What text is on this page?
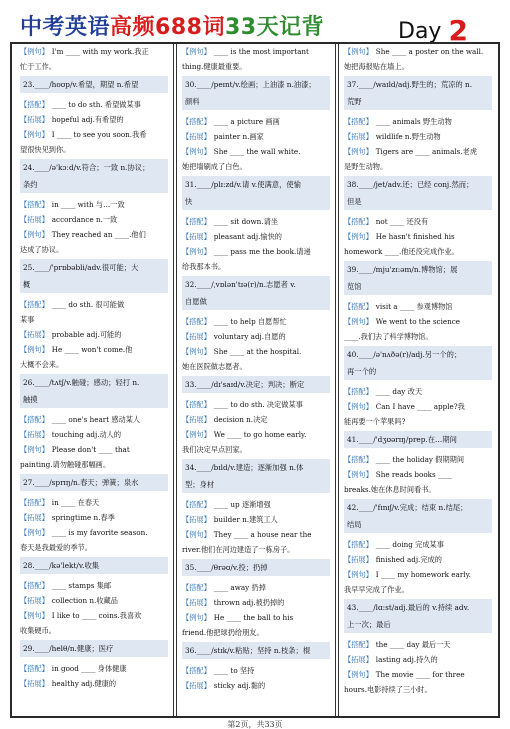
中考英语高频688词33天记背	Day 2
【例句】 I'm ____ with my work.我正
忙于工作。
23.____/hoʊp/v.希望，期望 n.希望
【搭配】 ____ to do sth. 希望做某事
【拓展】 hopeful adj.有希望的
【例句】 I ____ to see you soon.我希
望很快见到你。
24.____/ə'kɔːd/v.符合；一致 n.协议；
条约
【搭配】 in ____ with 与…一致
【拓展】 accordance n.一致
【例句】 They reached an ____.他们
达成了协议。
25.____/'prɒbəbli/adv.很可能；大
概
【搭配】 ____ do sth. 很可能做
某事
【拓展】 probable adj.可能的
【例句】 He ____ won't come.他
大概不会来。
26.____/tʌtʃ/v.触碰；感动；轻打 n.
触摸
【搭配】 ____ one's heart 感动某人
【拓展】 touching adj.动人的
【例句】 Please don't ____ that
painting.请勿触碰那幅画。
27.____/sprɪŋ/n.春天；弹簧；泉水
【搭配】 in ____ 在春天
【拓展】 springtime n.春季
【例句】 ____ is my favorite season.
春天是我最爱的季节。
28.____/kə'lekt/v.收集
【搭配】 ____ stamps 集邮
【拓展】 collection n.收藏品
【例句】 I like to ____ coins.我喜欢
收集硬币。
29.____/helθ/n.健康；医疗
【搭配】 in good ____ 身体健康
【拓展】 healthy adj.健康的
【例句】 ____ is the most important
thing.健康最重要。
30.____/peɪnt/v.绘画；上油漆 n.油漆；
颜料
【搭配】 ____ a picture 画画
【拓展】 painter n.画家
【例句】 She ____ the wall white.
她把墙刷成了白色。
31.____/plɪ:zd/v.请 v.使满意，使愉
快
【搭配】 ____ sit down.请坐
【拓展】 pleasant adj.愉快的
【例句】 ____ pass me the book.请递
给我那本书。
32.____/ˌvɒlən'tɪə(r)/n.志愿者 v.
自愿做
【搭配】 ____ to help 自愿帮忙
【拓展】 voluntary adj.自愿的
【例句】 She ____ at the hospital.
她在医院做志愿者。
33.____/dɪ'saɪd/v.决定；判决；断定
【搭配】 ____ to do sth. 决定做某事
【拓展】 decision n.决定
【例句】 We ____ to go home early.
我们决定早点回家。
34.____/bɪld/v.建造；逐渐加强 n.体
型；身材
【搭配】 ____ up 逐渐增强
【拓展】 builder n.建筑工人
【例句】 They ____ a house near the
river.他们在河边建造了一栋房子。
35.____/θrəʊ/v.投；扔掉
【搭配】 ____ away 扔掉
【拓展】 thrown adj.被扔掉的
【例句】 He ____ the ball to his
friend.他把球扔给朋友。
36.____/stɪk/v.粘贴；坚持 n.枝条；棍
【搭配】 ____ to 坚持
【拓展】 sticky adj.黏的
【例句】 She ____ a poster on the wall.
她把海报贴在墙上。
37.____/waɪld/adj.野生的；荒凉的 n.
荒野
【搭配】 ____ animals 野生动物
【拓展】 wildlife n.野生动物
【例句】 Tigers are ____ animals.老虎
是野生动物。
38.____/jet/adv.还；已经 conj.然而；
但是
【搭配】 not ____ 还没有
【例句】 He hasn't finished his
homework ____.他还没完成作业。
39.____/mju'zɪ:əm/n.博物馆；展
览馆
【搭配】 visit a ____ 参观博物馆
【例句】 We went to the science
____.我们去了科学博物馆。
40.____/ə'nʌðə(r)/adj.另一个的；
再一个的
【搭配】 ____ day 改天
【例句】 Can I have ____ apple?我
能再要一个苹果吗?
41.____/'dʒʊərɪŋ/prep.在…期间
【搭配】 ____ the holiday 假期期间
【例句】 She reads books ____
breaks.她在休息时间看书。
42.____/'fɪnɪʃ/v.完成；结束 n.结尾；
结局
【搭配】 ____ doing 完成某事
【拓展】 finished adj.完成的
【例句】 I ____ my homework early.
我早早完成了作业。
43.____/lɑ:st/adj.最后的 v.持续 adv.
上一次；最后
【搭配】 the ____ day 最后一天
【拓展】 lasting adj.持久的
【例句】 The movie ____ for three
hours.电影持续了三小时。
第2页，共33页
